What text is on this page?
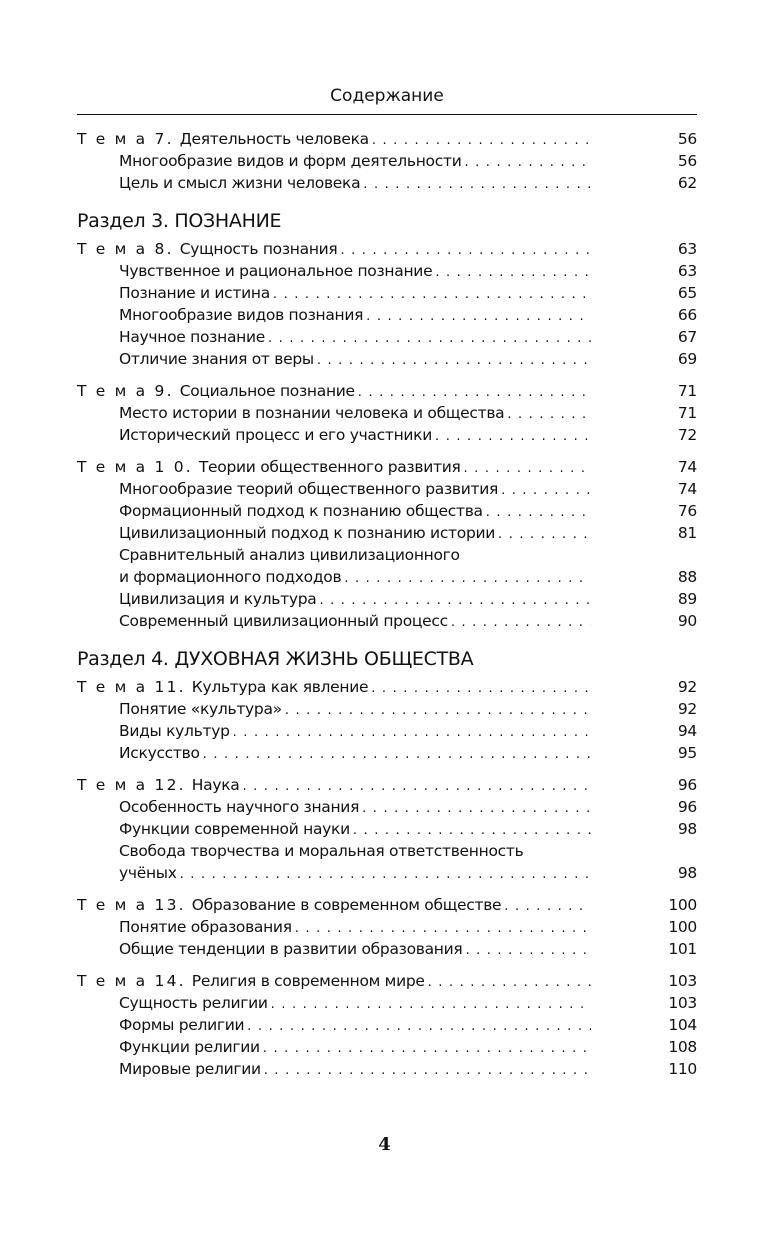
Содержание
Т е м а 7. Деятельность человека . . .	56
Многообразие видов и форм деятельности . . .	56
Цель и смысл жизни человека . . .	62
Раздел 3. ПОЗНАНИЕ
Т е м а 8. Сущность познания . . .	63
Чувственное и рациональное познание . . .	63
Познание и истина . . .	65
Многообразие видов познания . . .	66
Научное познание . . .	67
Отличие знания от веры . . .	69
Т е м а 9. Социальное познание . . .	71
Место истории в познании человека и общества . . .	71
Исторический процесс и его участники . . .	72
Т е м а 1 0. Теории общественного развития . . .	74
Многообразие теорий общественного развития . . .	74
Формационный подход к познанию общества . . .	76
Цивилизационный подход к познанию истории . . .	81
Сравнительный анализ цивилизационного
и формационного подходов . . .	88
Цивилизация и культура . . .	89
Современный цивилизационный процесс . . .	90
Раздел 4. ДУХОВНАЯ ЖИЗНЬ ОБЩЕСТВА
Т е м а 11. Культура как явление . . .	92
Понятие «культура» . . .	92
Виды культур . . .	94
Искусство . . .	95
Т е м а 12. Наука . . .	96
Особенность научного знания . . .	96
Функции современной науки . . .	98
Свобода творчества и моральная ответственность
учёных . . .	98
Т е м а 13. Образование в современном обществе . . .	100
Понятие образования . . .	100
Общие тенденции в развитии образования . . .	101
Т е м а 14. Религия в современном мире . . .	103
Сущность религии . . .	103
Формы религии . . .	104
Функции религии . . .	108
Мировые религии . . .	110
4
